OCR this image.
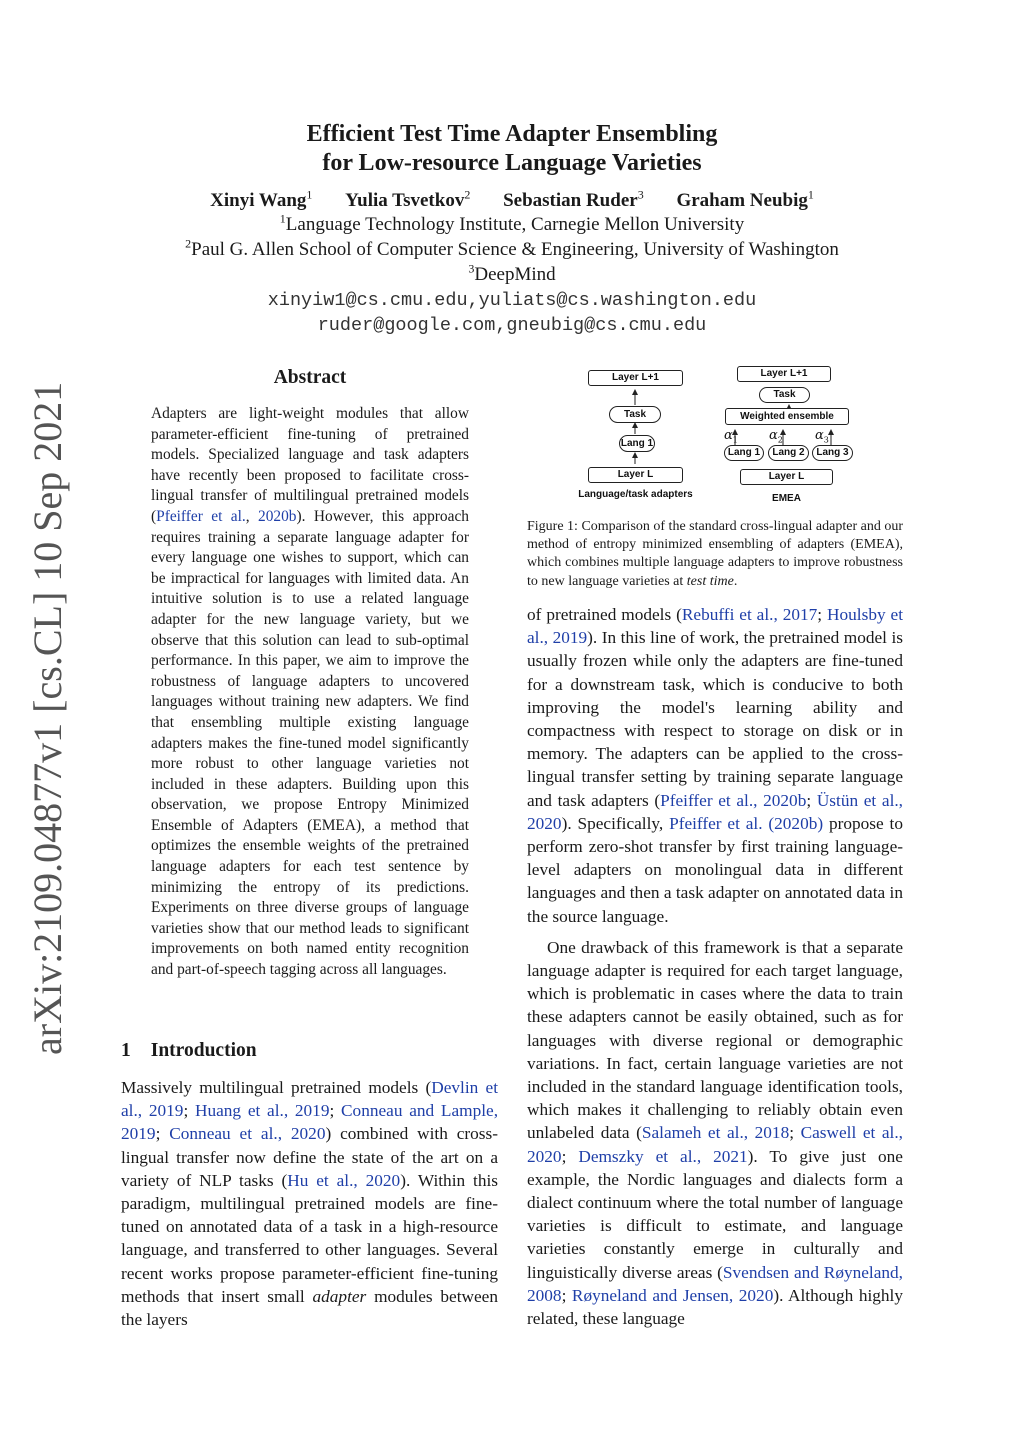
Efficient Test Time Adapter Ensembling
for Low-resource Language Varieties
Xinyi Wang$^1$ Yulia Tsvetkov$^2$ Sebastian Ruder$^3$ Graham Neubig$^1$
$^1$Language Technology Institute, Carnegie Mellon University
$^2$Paul G. Allen School of Computer Science & Engineering, University of Washington
$^3$DeepMind
xinyiw1@cs.cmu.edu,yuliats@cs.washington.edu
ruder@google.com,gneubig@cs.cmu.edu
arXiv:2109.04877v1 [cs.CL] 10 Sep 2021
Abstract
Adapters are light-weight modules that allow parameter-efficient fine-tuning of pretrained models. Specialized language and task adapters have recently been proposed to facilitate cross-lingual transfer of multilingual pretrained models (Pfeiffer et al., 2020b). However, this approach requires training a separate language adapter for every language one wishes to support, which can be impractical for languages with limited data. An intuitive solution is to use a related language adapter for the new language variety, but we observe that this solution can lead to sub-optimal performance. In this paper, we aim to improve the robustness of language adapters to uncovered languages without training new adapters. We find that ensembling multiple existing language adapters makes the fine-tuned model significantly more robust to other language varieties not included in these adapters. Building upon this observation, we propose Entropy Minimized Ensemble of Adapters (EMEA), a method that optimizes the ensemble weights of the pretrained language adapters for each test sentence by minimizing the entropy of its predictions. Experiments on three diverse groups of language varieties show that our method leads to significant improvements on both named entity recognition and part-of-speech tagging across all languages.
1 Introduction
Massively multilingual pretrained models (Devlin et al., 2019; Huang et al., 2019; Conneau and Lample, 2019; Conneau et al., 2020) combined with cross-lingual transfer now define the state of the art on a variety of NLP tasks (Hu et al., 2020). Within this paradigm, multilingual pretrained models are fine-tuned on annotated data of a task in a high-resource language, and transferred to other languages. Several recent works propose parameter-efficient fine-tuning methods that insert small adapter modules between the layers
Layer L+1
Task
Lang 1
Layer L
Language/task adapters
Layer L+1
Task
Weighted ensemble
$\alpha_1$ $\alpha_2$ $\alpha_3$
Lang 1	Lang 2	Lang 3
Layer L
EMEA
Figure 1: Comparison of the standard cross-lingual adapter and our method of entropy minimized ensembling of adapters (EMEA), which combines multiple language adapters to improve robustness to new language varieties at test time.

of pretrained models (Rebuffi et al., 2017; Houlsby et al., 2019). In this line of work, the pretrained model is usually frozen while only the adapters are fine-tuned for a downstream task, which is conducive to both improving the model's learning ability and compactness with respect to storage on disk or in memory. The adapters can be applied to the cross-lingual transfer setting by training separate language and task adapters (Pfeiffer et al., 2020b; Üstün et al., 2020). Specifically, Pfeiffer et al. (2020b) propose to perform zero-shot transfer by first training language-level adapters on monolingual data in different languages and then a task adapter on annotated data in the source language.

One drawback of this framework is that a separate language adapter is required for each target language, which is problematic in cases where the data to train these adapters cannot be easily obtained, such as for languages with diverse regional or demographic variations. In fact, certain language varieties are not included in the standard language identification tools, which makes it challenging to reliably obtain even unlabeled data (Salameh et al., 2018; Caswell et al., 2020; Demszky et al., 2021). To give just one example, the Nordic languages and dialects form a dialect continuum where the total number of language varieties is difficult to estimate, and language varieties constantly emerge in culturally and linguistically diverse areas (Svendsen and Røyneland, 2008; Røyneland and Jensen, 2020). Although highly related, these language
